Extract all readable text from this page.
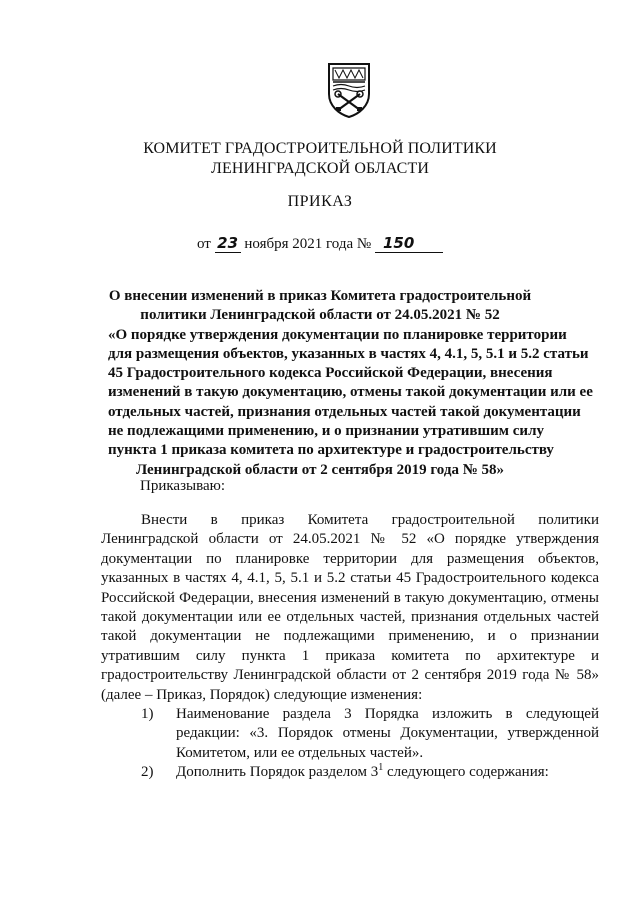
КОМИТЕТ ГРАДОСТРОИТЕЛЬНОЙ ПОЛИТИКИ
ЛЕНИНГРАДСКОЙ ОБЛАСТИ
ПРИКАЗ
от 23 ноября 2021 года № 150
О внесении изменений в приказ Комитета градостроительной
политики Ленинградской области от 24.05.2021 № 52
«О порядке утверждения документации по планировке территории
для размещения объектов, указанных в частях 4, 4.1, 5, 5.1 и 5.2 статьи
45 Градостроительного кодекса Российской Федерации, внесения
изменений в такую документацию, отмены такой документации или ее
отдельных частей, признания отдельных частей такой документации
не подлежащими применению, и о признании утратившим силу
пункта 1 приказа комитета по архитектуре и градостроительству
Ленинградской области от 2 сентября 2019 года № 58»
Приказываю:

Внести в приказ Комитета градостроительной политики Ленинградской области от 24.05.2021 № 52 «О порядке утверждения документации по планировке территории для размещения объектов, указанных в частях 4, 4.1, 5, 5.1 и 5.2 статьи 45 Градостроительного кодекса Российской Федерации, внесения изменений в такую документацию, отмены такой документации или ее отдельных частей, признания отдельных частей такой документации не подлежащими применению, и о признании утратившим силу пункта 1 приказа комитета по архитектуре и градостроительству Ленинградской области от 2 сентября 2019 года № 58» (далее – Приказ, Порядок) следующие изменения:

1)	Наименование раздела 3 Порядка изложить в следующей редакции: «3. Порядок отмены Документации, утвержденной Комитетом, или ее отдельных частей».
2)	Дополнить Порядок разделом $3^1$ следующего содержания:
